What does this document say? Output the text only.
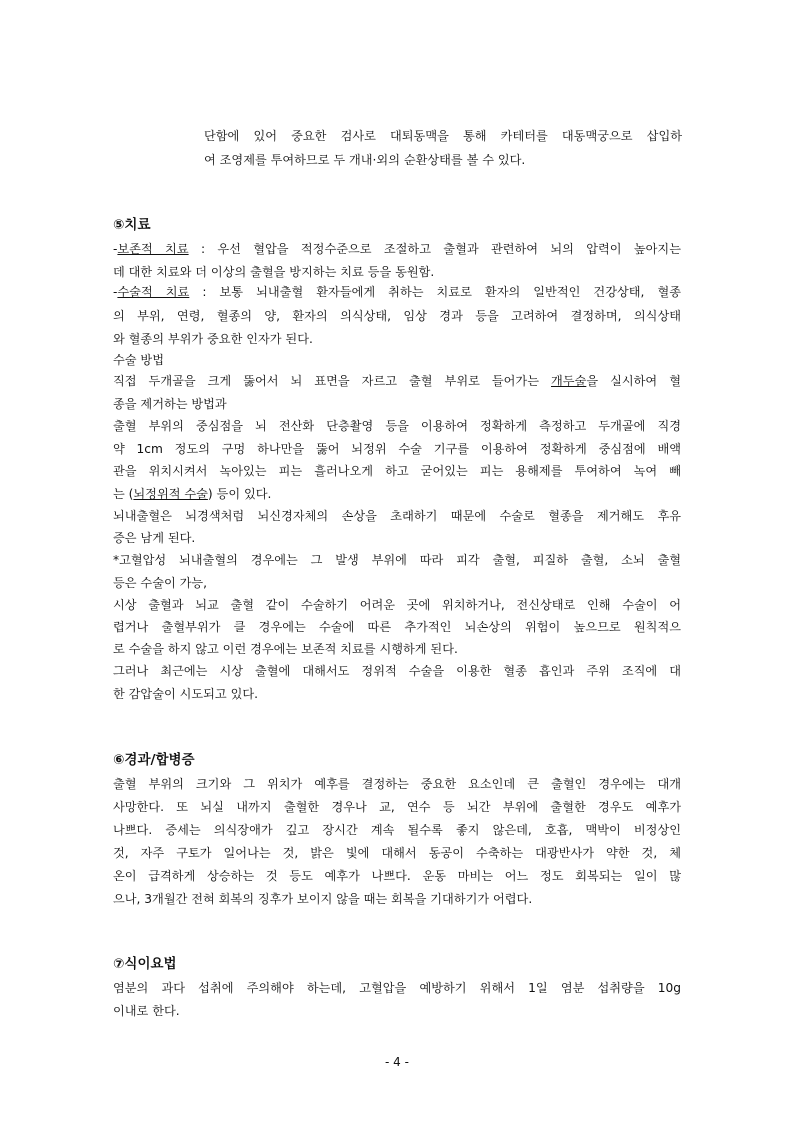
단함에 있어 중요한 검사로 대퇴동맥을 통해 카테터를 대동맥궁으로 삽입하
여 조영제를 투여하므로 두 개내·외의 순환상태를 볼 수 있다.
⑤치료
-보존적 치료 : 우선 혈압을 적정수준으로 조절하고 출혈과 관련하여 뇌의 압력이 높아지는
데 대한 치료와 더 이상의 출혈을 방지하는 치료 등을 동원함.
-수술적 치료 : 보통 뇌내출혈 환자들에게 취하는 치료로 환자의 일반적인 건강상태, 혈종
의 부위, 연령, 혈종의 양, 환자의 의식상태, 임상 경과 등을 고려하여 결정하며, 의식상태
와 혈종의 부위가 중요한 인자가 된다.
수술 방법
직접 두개골을 크게 뚫어서 뇌 표면을 자르고 출혈 부위로 들어가는 개두술을 실시하여 혈
종을 제거하는 방법과
출혈 부위의 중심점을 뇌 전산화 단층촬영 등을 이용하여 정확하게 측정하고 두개골에 직경
약 1cm 정도의 구멍 하나만을 뚫어 뇌정위 수술 기구를 이용하여 정확하게 중심점에 배액
관을 위치시켜서 녹아있는 피는 흘러나오게 하고 굳어있는 피는 용해제를 투여하여 녹여 빼
는 (뇌정위적 수술) 등이 있다.
뇌내출혈은 뇌경색처럼 뇌신경자체의 손상을 초래하기 때문에 수술로 혈종을 제거해도 후유
증은 남게 된다.
*고혈압성 뇌내출혈의 경우에는 그 발생 부위에 따라 피각 출혈, 피질하 출혈, 소뇌 출혈
등은 수술이 가능,
시상 출혈과 뇌교 출혈 같이 수술하기 어려운 곳에 위치하거나, 전신상태로 인해 수술이 어
렵거나 출혈부위가 클 경우에는 수술에 따른 추가적인 뇌손상의 위험이 높으므로 원칙적으
로 수술을 하지 않고 이런 경우에는 보존적 치료를 시행하게 된다.
그러나 최근에는 시상 출혈에 대해서도 정위적 수술을 이용한 혈종 흡인과 주위 조직에 대
한 감압술이 시도되고 있다.
⑥경과/합병증
출혈 부위의 크기와 그 위치가 예후를 결정하는 중요한 요소인데 큰 출혈인 경우에는 대개
사망한다. 또 뇌실 내까지 출혈한 경우나 교, 연수 등 뇌간 부위에 출혈한 경우도 예후가
나쁘다. 증세는 의식장애가 깊고 장시간 계속 될수록 좋지 않은데, 호흡, 맥박이 비정상인
것, 자주 구토가 일어나는 것, 밝은 빛에 대해서 동공이 수축하는 대광반사가 약한 것, 체
온이 급격하게 상승하는 것 등도 예후가 나쁘다. 운동 마비는 어느 정도 회복되는 일이 많
으나, 3개월간 전혀 회복의 징후가 보이지 않을 때는 회복을 기대하기가 어렵다.
⑦식이요법
염분의 과다 섭취에 주의해야 하는데, 고혈압을 예방하기 위해서 1일 염분 섭취량을 10g
이내로 한다.
- 4 -
